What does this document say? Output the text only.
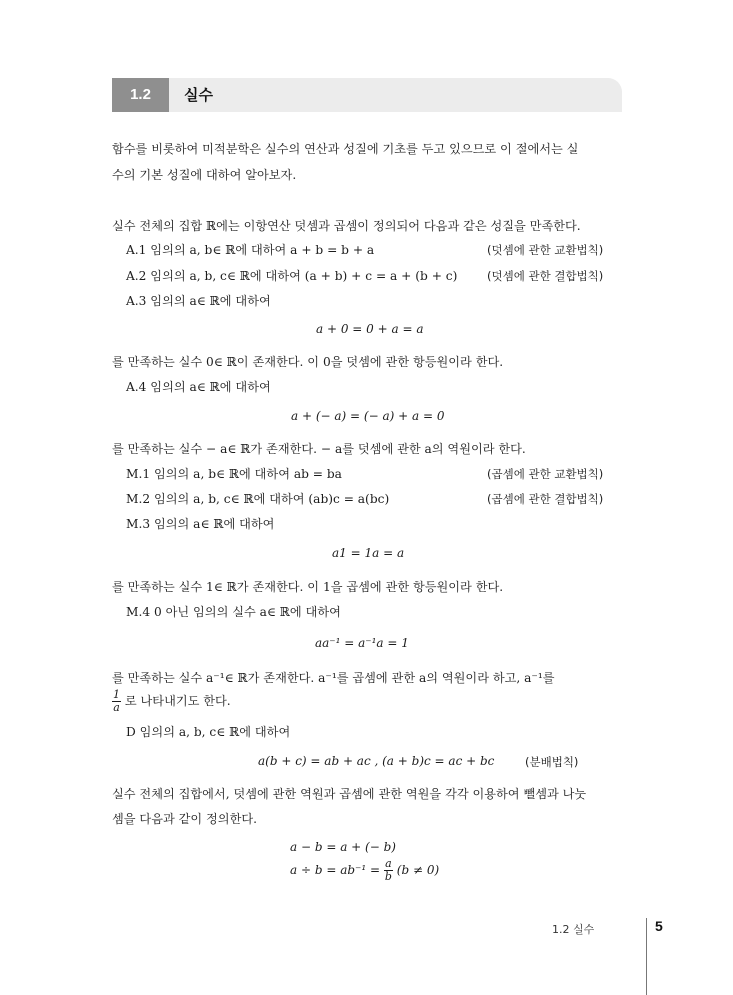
1.2	실수
함수를 비롯하여 미적분학은 실수의 연산과 성질에 기초를 두고 있으므로 이 절에서는 실
수의 기본 성질에 대하여 알아보자.
실수 전체의 집합 ℝ에는 이항연산 덧셈과 곱셈이 정의되어 다음과 같은 성질을 만족한다.
A.1 임의의 a, b∈ ℝ에 대하여 a + b = b + a	(덧셈에 관한 교환법칙)
A.2 임의의 a, b, c∈ ℝ에 대하여 (a + b) + c = a + (b + c)	(덧셈에 관한 결합법칙)
A.3 임의의 a∈ ℝ에 대하여
a + 0 = 0 + a = a
를 만족하는 실수 0∈ ℝ이 존재한다. 이 0을 덧셈에 관한 항등원이라 한다.
A.4 임의의 a∈ ℝ에 대하여
a + (− a) = (− a) + a = 0
를 만족하는 실수 − a∈ ℝ가 존재한다. − a를 덧셈에 관한 a의 역원이라 한다.
M.1 임의의 a, b∈ ℝ에 대하여 ab = ba	(곱셈에 관한 교환법칙)
M.2 임의의 a, b, c∈ ℝ에 대하여 (ab)c = a(bc)	(곱셈에 관한 결합법칙)
M.3 임의의 a∈ ℝ에 대하여
a1 = 1a = a
를 만족하는 실수 1∈ ℝ가 존재한다. 이 1을 곱셈에 관한 항등원이라 한다.
M.4 0 아닌 임의의 실수 a∈ ℝ에 대하여
aa⁻¹ = a⁻¹a = 1
를 만족하는 실수 a⁻¹∈ ℝ가 존재한다. a⁻¹를 곱셈에 관한 a의 역원이라 하고, a⁻¹를
$\frac{1}{a}$ 로 나타내기도 한다.
D 임의의 a, b, c∈ ℝ에 대하여
a(b + c) = ab + ac , (a + b)c = ac + bc	(분배법칙)
실수 전체의 집합에서, 덧셈에 관한 역원과 곱셈에 관한 역원을 각각 이용하여 뺄셈과 나눗
셈을 다음과 같이 정의한다.
a − b = a + (− b)
$a \div b = ab^{-1} = \frac{a}{b} (b \ne 0)$
1.2 실수	5
